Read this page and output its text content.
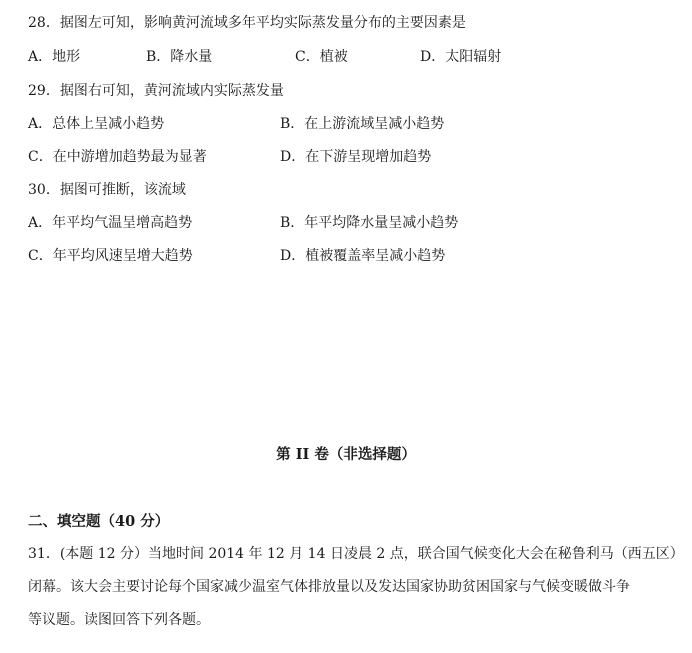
28．据图左可知，影响黄河流域多年平均实际蒸发量分布的主要因素是
A．地形	B．降水量	C．植被	D．太阳辐射
29．据图右可知，黄河流域内实际蒸发量
A．总体上呈减小趋势	B．在上游流域呈减小趋势
C．在中游增加趋势最为显著	D．在下游呈现增加趋势
30．据图可推断，该流域
A．年平均气温呈增高趋势	B．年平均降水量呈减小趋势
C．年平均风速呈增大趋势	D．植被覆盖率呈减小趋势
第 II 卷（非选择题）
二、填空题（40 分）
31．(本题 12 分）当地时间 2014 年 12 月 14 日凌晨 2 点，联合国气候变化大会在秘鲁利马（西五区）
闭幕。该大会主要讨论每个国家减少温室气体排放量以及发达国家协助贫困国家与气候变暖做斗争
等议题。读图回答下列各题。
